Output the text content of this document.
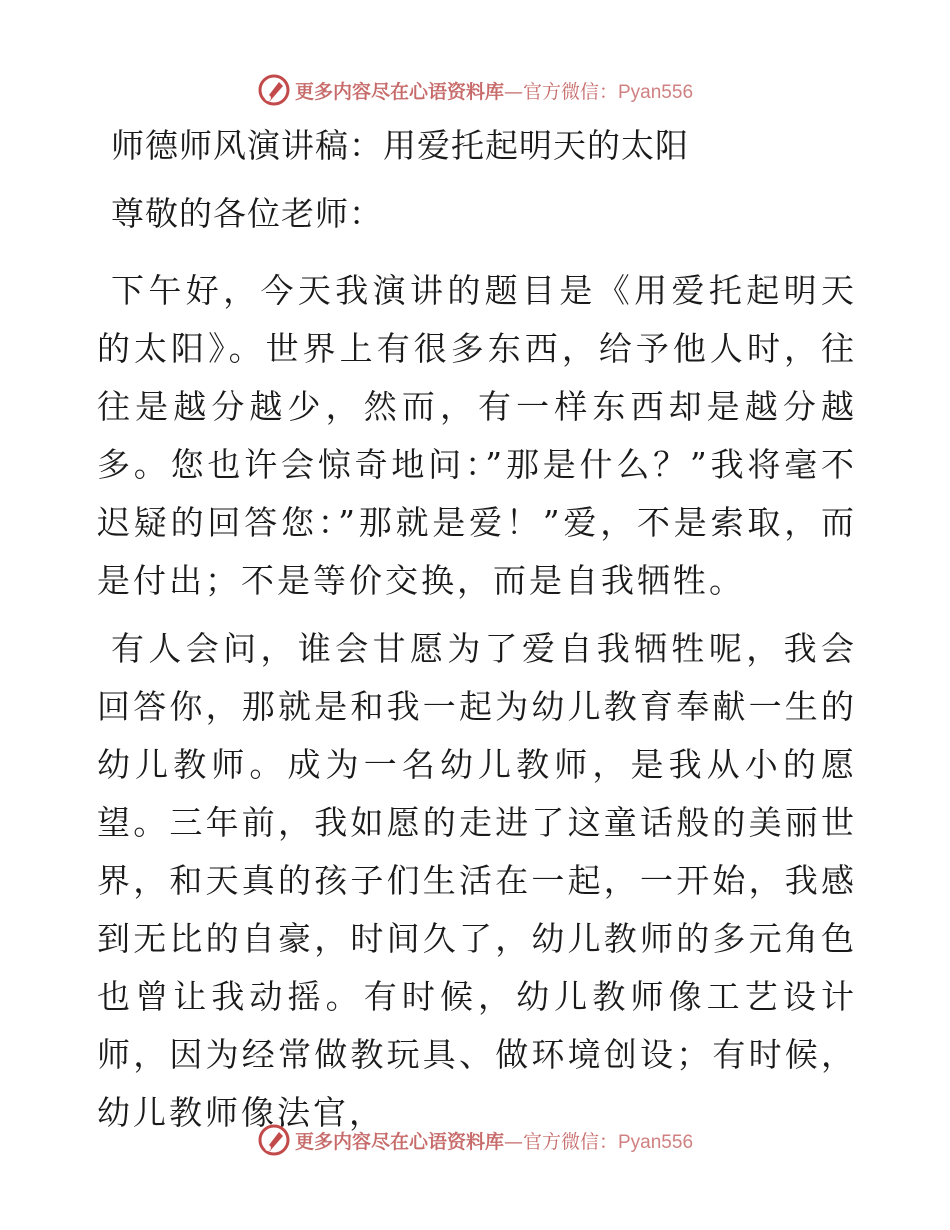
更多内容尽在心语资料库—官方微信：Pyan556
师德师风演讲稿：用爱托起明天的太阳
尊敬的各位老师：

下午好，今天我演讲的题目是《用爱托起明天的太阳》。世界上有很多东西，给予他人时，往往是越分越少，然而，有一样东西却是越分越多。您也许会惊奇地问：”那是什么？”我将毫不迟疑的回答您：”那就是爱！”爱，不是索取，而是付出；不是等价交换，而是自我牺牲。

有人会问，谁会甘愿为了爱自我牺牲呢，我会回答你，那就是和我一起为幼儿教育奉献一生的幼儿教师。成为一名幼儿教师，是我从小的愿望。三年前，我如愿的走进了这童话般的美丽世界，和天真的孩子们生活在一起，一开始，我感到无比的自豪，时间久了，幼儿教师的多元角色也曾让我动摇。有时候，幼儿教师像工艺设计师，因为经常做教玩具、做环境创设；有时候，幼儿教师像法官，

更多内容尽在心语资料库—官方微信：Pyan556
